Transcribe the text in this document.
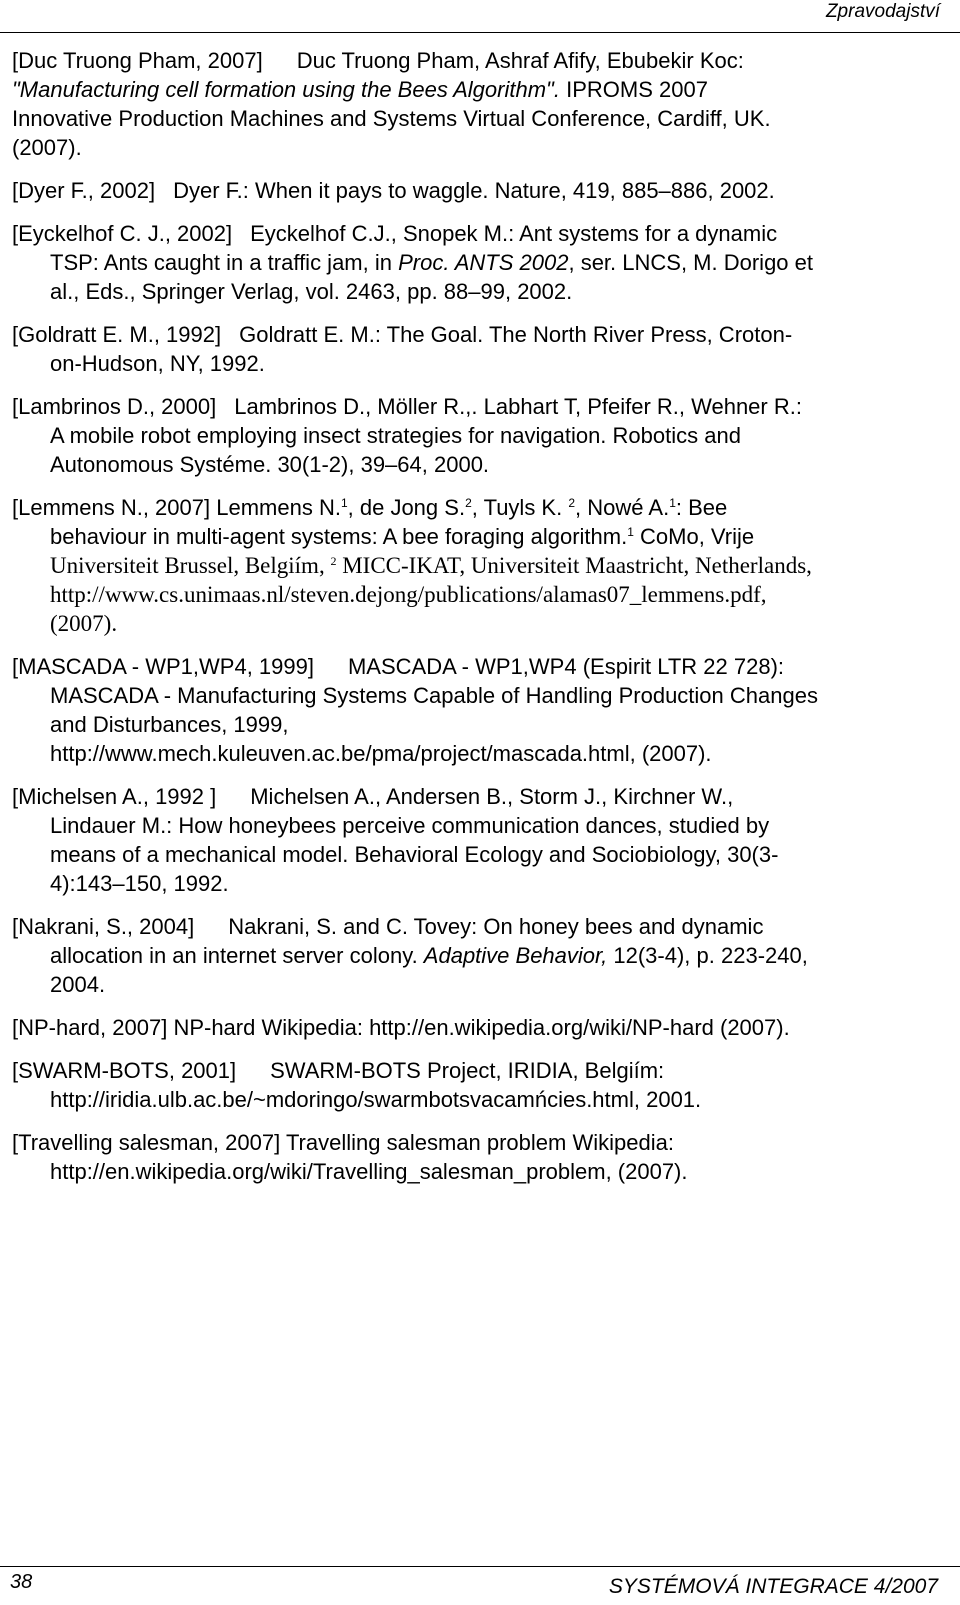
Zpravodajství
[Duc Truong Pham, 2007] Duc Truong Pham, Ashraf Afify, Ebubekir Koc:
"Manufacturing cell formation using the Bees Algorithm". IPROMS 2007
Innovative Production Machines and Systems Virtual Conference, Cardiff, UK.
(2007).
[Dyer F., 2002] Dyer F.: When it pays to waggle. Nature, 419, 885–886, 2002.
[Eyckelhof C. J., 2002] Eyckelhof C.J., Snopek M.: Ant systems for a dynamic
TSP: Ants caught in a traffic jam, in Proc. ANTS 2002, ser. LNCS, M. Dorigo et
al., Eds., Springer Verlag, vol. 2463, pp. 88–99, 2002.
[Goldratt E. M., 1992] Goldratt E. M.: The Goal. The North River Press, Croton-
on-Hudson, NY, 1992.
[Lambrinos D., 2000] Lambrinos D., Möller R.,. Labhart T, Pfeifer R., Wehner R.:
A mobile robot employing insect strategies for navigation. Robotics and
Autonomous Systéme. 30(1-2), 39–64, 2000.
[Lemmens N., 2007] Lemmens N.$^1$, de Jong S.$^2$, Tuyls K. $^2$, Nowé A.$^1$: Bee
behaviour in multi-agent systems: A bee foraging algorithm.$^1$ CoMo, Vrije
Universiteit Brussel, Belgiím, $^2$ MICC-IKAT, Universiteit Maastricht, Netherlands,
http://www.cs.unimaas.nl/steven.dejong/publications/alamas07_lemmens.pdf,
(2007).
[MASCADA - WP1,WP4, 1999] MASCADA - WP1,WP4 (Espirit LTR 22 728):
MASCADA - Manufacturing Systems Capable of Handling Production Changes
and Disturbances, 1999,
http://www.mech.kuleuven.ac.be/pma/project/mascada.html, (2007).
[Michelsen A., 1992 ] Michelsen A., Andersen B., Storm J., Kirchner W.,
Lindauer M.: How honeybees perceive communication dances, studied by
means of a mechanical model. Behavioral Ecology and Sociobiology, 30(3-
4):143–150, 1992.
[Nakrani, S., 2004] Nakrani, S. and C. Tovey: On honey bees and dynamic
allocation in an internet server colony. Adaptive Behavior, 12(3-4), p. 223-240,
2004.
[NP-hard, 2007] NP-hard Wikipedia: http://en.wikipedia.org/wiki/NP-hard (2007).
[SWARM-BOTS, 2001] SWARM-BOTS Project, IRIDIA, Belgiím:
http://iridia.ulb.ac.be/~mdoringo/swarmbotsvacamńcies.html, 2001.
[Travelling salesman, 2007] Travelling salesman problem Wikipedia:
http://en.wikipedia.org/wiki/Travelling_salesman_problem, (2007).
38	SYSTÉMOVÁ INTEGRACE 4/2007
